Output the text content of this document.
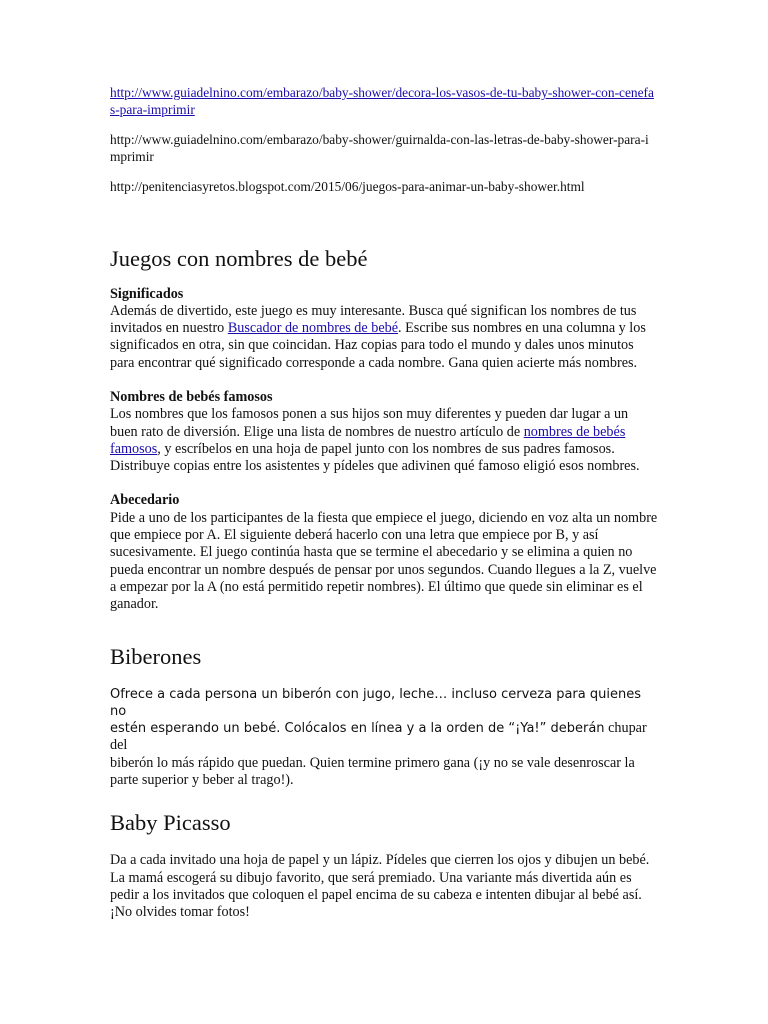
http://www.guiadelnino.com/embarazo/baby-shower/decora-los-vasos-de-tu-baby-shower-con-cenefas-para-imprimir

http://www.guiadelnino.com/embarazo/baby-shower/guirnalda-con-las-letras-de-baby-shower-para-imprimir

http://penitenciasyretos.blogspot.com/2015/06/juegos-para-animar-un-baby-shower.html

Juegos con nombres de bebé
Significados

Además de divertido, este juego es muy interesante. Busca qué significan los nombres de tus invitados en nuestro Buscador de nombres de bebé. Escribe sus nombres en una columna y los significados en otra, sin que coincidan. Haz copias para todo el mundo y dales unos minutos para encontrar qué significado corresponde a cada nombre. Gana quien acierte más nombres.

Nombres de bebés famosos

Los nombres que los famosos ponen a sus hijos son muy diferentes y pueden dar lugar a un buen rato de diversión. Elige una lista de nombres de nuestro artículo de nombres de bebés famosos, y escríbelos en una hoja de papel junto con los nombres de sus padres famosos. Distribuye copias entre los asistentes y pídeles que adivinen qué famoso eligió esos nombres.

Abecedario

Pide a uno de los participantes de la fiesta que empiece el juego, diciendo en voz alta un nombre que empiece por A. El siguiente deberá hacerlo con una letra que empiece por B, y así sucesivamente. El juego continúa hasta que se termine el abecedario y se elimina a quien no pueda encontrar un nombre después de pensar por unos segundos. Cuando llegues a la Z, vuelve a empezar por la A (no está permitido repetir nombres). El último que quede sin eliminar es el ganador.

Biberones

Ofrece a cada persona un biberón con jugo, leche… incluso cerveza para quienes no
estén esperando un bebé. Colócalos en línea y a la orden de “¡Ya!” deberán chupar del
biberón lo más rápido que puedan. Quien termine primero gana (¡y no se vale desenroscar la parte superior y beber al trago!).

Baby Picasso

Da a cada invitado una hoja de papel y un lápiz. Pídeles que cierren los ojos y dibujen un bebé. La mamá escogerá su dibujo favorito, que será premiado. Una variante más divertida aún es pedir a los invitados que coloquen el papel encima de su cabeza e intenten dibujar al bebé así. ¡No olvides tomar fotos!
